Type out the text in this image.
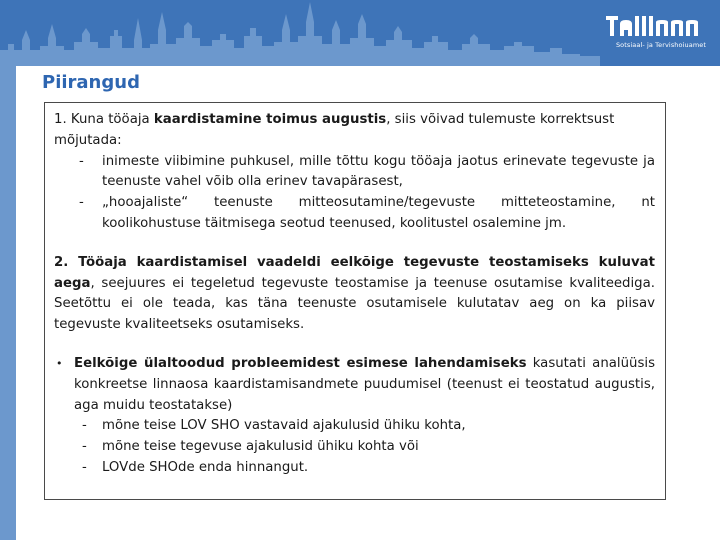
Sotsiaal- ja Tervishoiuamet
Piirangud

1. Kuna tööaja kaardistamine toimus augustis, siis võivad tulemuste korrektsust mõjutada:

- inimeste viibimine puhkusel, mille tõttu kogu tööaja jaotus erinevate tegevuste ja teenuste vahel võib olla erinev tavapärasest,

- „hooajaliste“ teenuste mitteosutamine/tegevuste mitteteostamine, nt koolikohustuse täitmisega seotud teenused, koolitustel osalemine jm.

2. Tööaja kaardistamisel vaadeldi eelkõige tegevuste teostamiseks kuluvat aega, seejuures ei tegeletud tegevuste teostamise ja teenuse osutamise kvaliteediga. Seetõttu ei ole teada, kas täna teenuste osutamisele kulutatav aeg on ka piisav tegevuste kvaliteetseks osutamiseks.

• Eelkõige ülaltoodud probleemidest esimese lahendamiseks kasutati analüüsis konkreetse linnaosa kaardistamisandmete puudumisel (teenust ei teostatud augustis, aga muidu teostatakse)

- mõne teise LOV SHO vastavaid ajakulusid ühiku kohta,

- mõne teise tegevuse ajakulusid ühiku kohta või

- LOVde SHOde enda hinnangut.
